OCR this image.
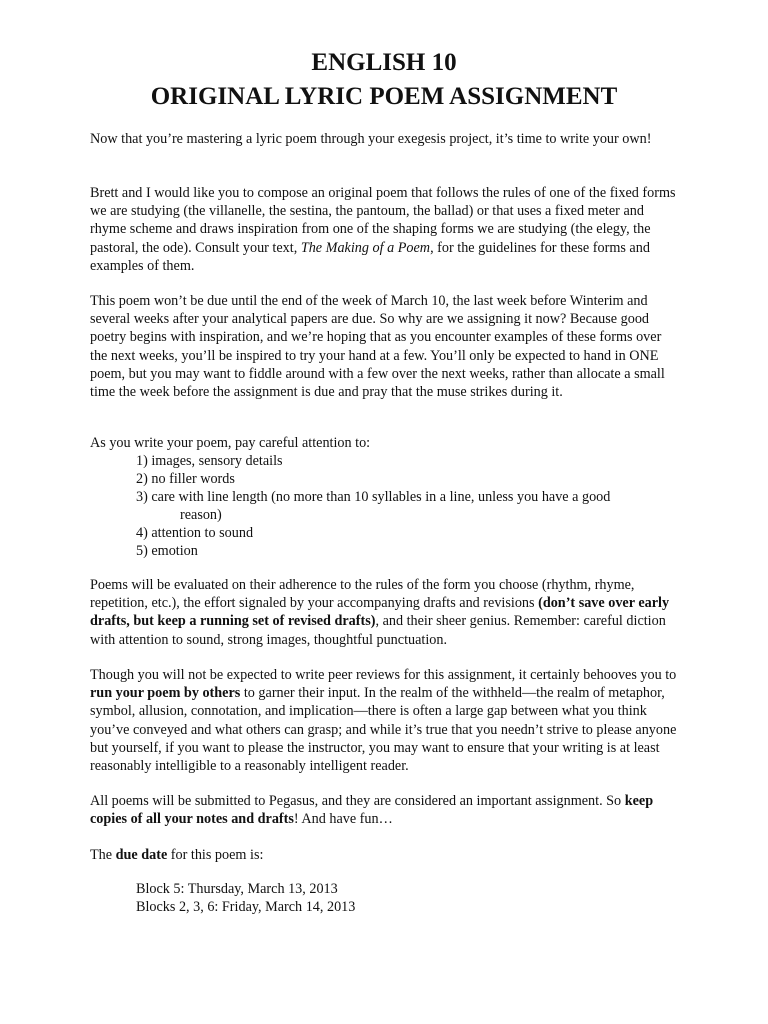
ENGLISH 10
ORIGINAL LYRIC POEM ASSIGNMENT

Now that you’re mastering a lyric poem through your exegesis project, it’s time to write your own!

Brett and I would like you to compose an original poem that follows the rules of one of the fixed forms we are studying (the villanelle, the sestina, the pantoum, the ballad) or that uses a fixed meter and rhyme scheme and draws inspiration from one of the shaping forms we are studying (the elegy, the pastoral, the ode). Consult your text, The Making of a Poem, for the guidelines for these forms and examples of them.

This poem won’t be due until the end of the week of March 10, the last week before Winterim and several weeks after your analytical papers are due. So why are we assigning it now? Because good poetry begins with inspiration, and we’re hoping that as you encounter examples of these forms over the next weeks, you’ll be inspired to try your hand at a few. You’ll only be expected to hand in ONE poem, but you may want to fiddle around with a few over the next weeks, rather than allocate a small time the week before the assignment is due and pray that the muse strikes during it.

As you write your poem, pay careful attention to:

1) images, sensory details

2) no filler words

3) care with line length (no more than 10 syllables in a line, unless you have a good

reason)

4) attention to sound

5) emotion

Poems will be evaluated on their adherence to the rules of the form you choose (rhythm, rhyme, repetition, etc.), the effort signaled by your accompanying drafts and revisions (don’t save over early drafts, but keep a running set of revised drafts), and their sheer genius. Remember: careful diction with attention to sound, strong images, thoughtful punctuation.

Though you will not be expected to write peer reviews for this assignment, it certainly behooves you to run your poem by others to garner their input. In the realm of the withheld—the realm of metaphor, symbol, allusion, connotation, and implication—there is often a large gap between what you think you’ve conveyed and what others can grasp; and while it’s true that you needn’t strive to please anyone but yourself, if you want to please the instructor, you may want to ensure that your writing is at least reasonably intelligible to a reasonably intelligent reader.

All poems will be submitted to Pegasus, and they are considered an important assignment. So keep copies of all your notes and drafts! And have fun…

The due date for this poem is:

Block 5: Thursday, March 13, 2013

Blocks 2, 3, 6: Friday, March 14, 2013
